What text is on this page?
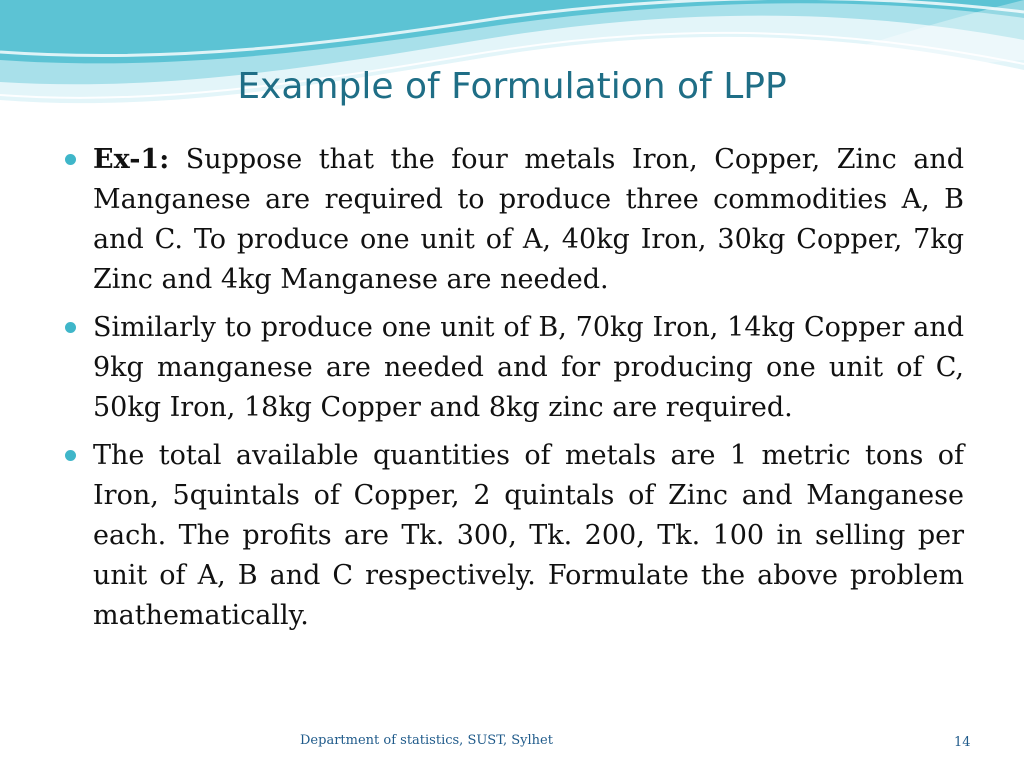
Example of Formulation of LPP

Ex-1: Suppose that the four metals Iron, Copper, Zinc and Manganese are required to produce three commodities A, B and C. To produce one unit of A, 40kg Iron, 30kg Copper, 7kg Zinc and 4kg Manganese are needed.

Similarly to produce one unit of B, 70kg Iron, 14kg Copper and 9kg manganese are needed and for producing one unit of C, 50kg Iron, 18kg Copper and 8kg zinc are required.

The total available quantities of metals are 1 metric tons of Iron, 5quintals of Copper, 2 quintals of Zinc and Manganese each. The profits are Tk. 300, Tk. 200, Tk. 100 in selling per unit of A, B and C respectively. Formulate the above problem mathematically.

Department of statistics, SUST, Sylhet	14
